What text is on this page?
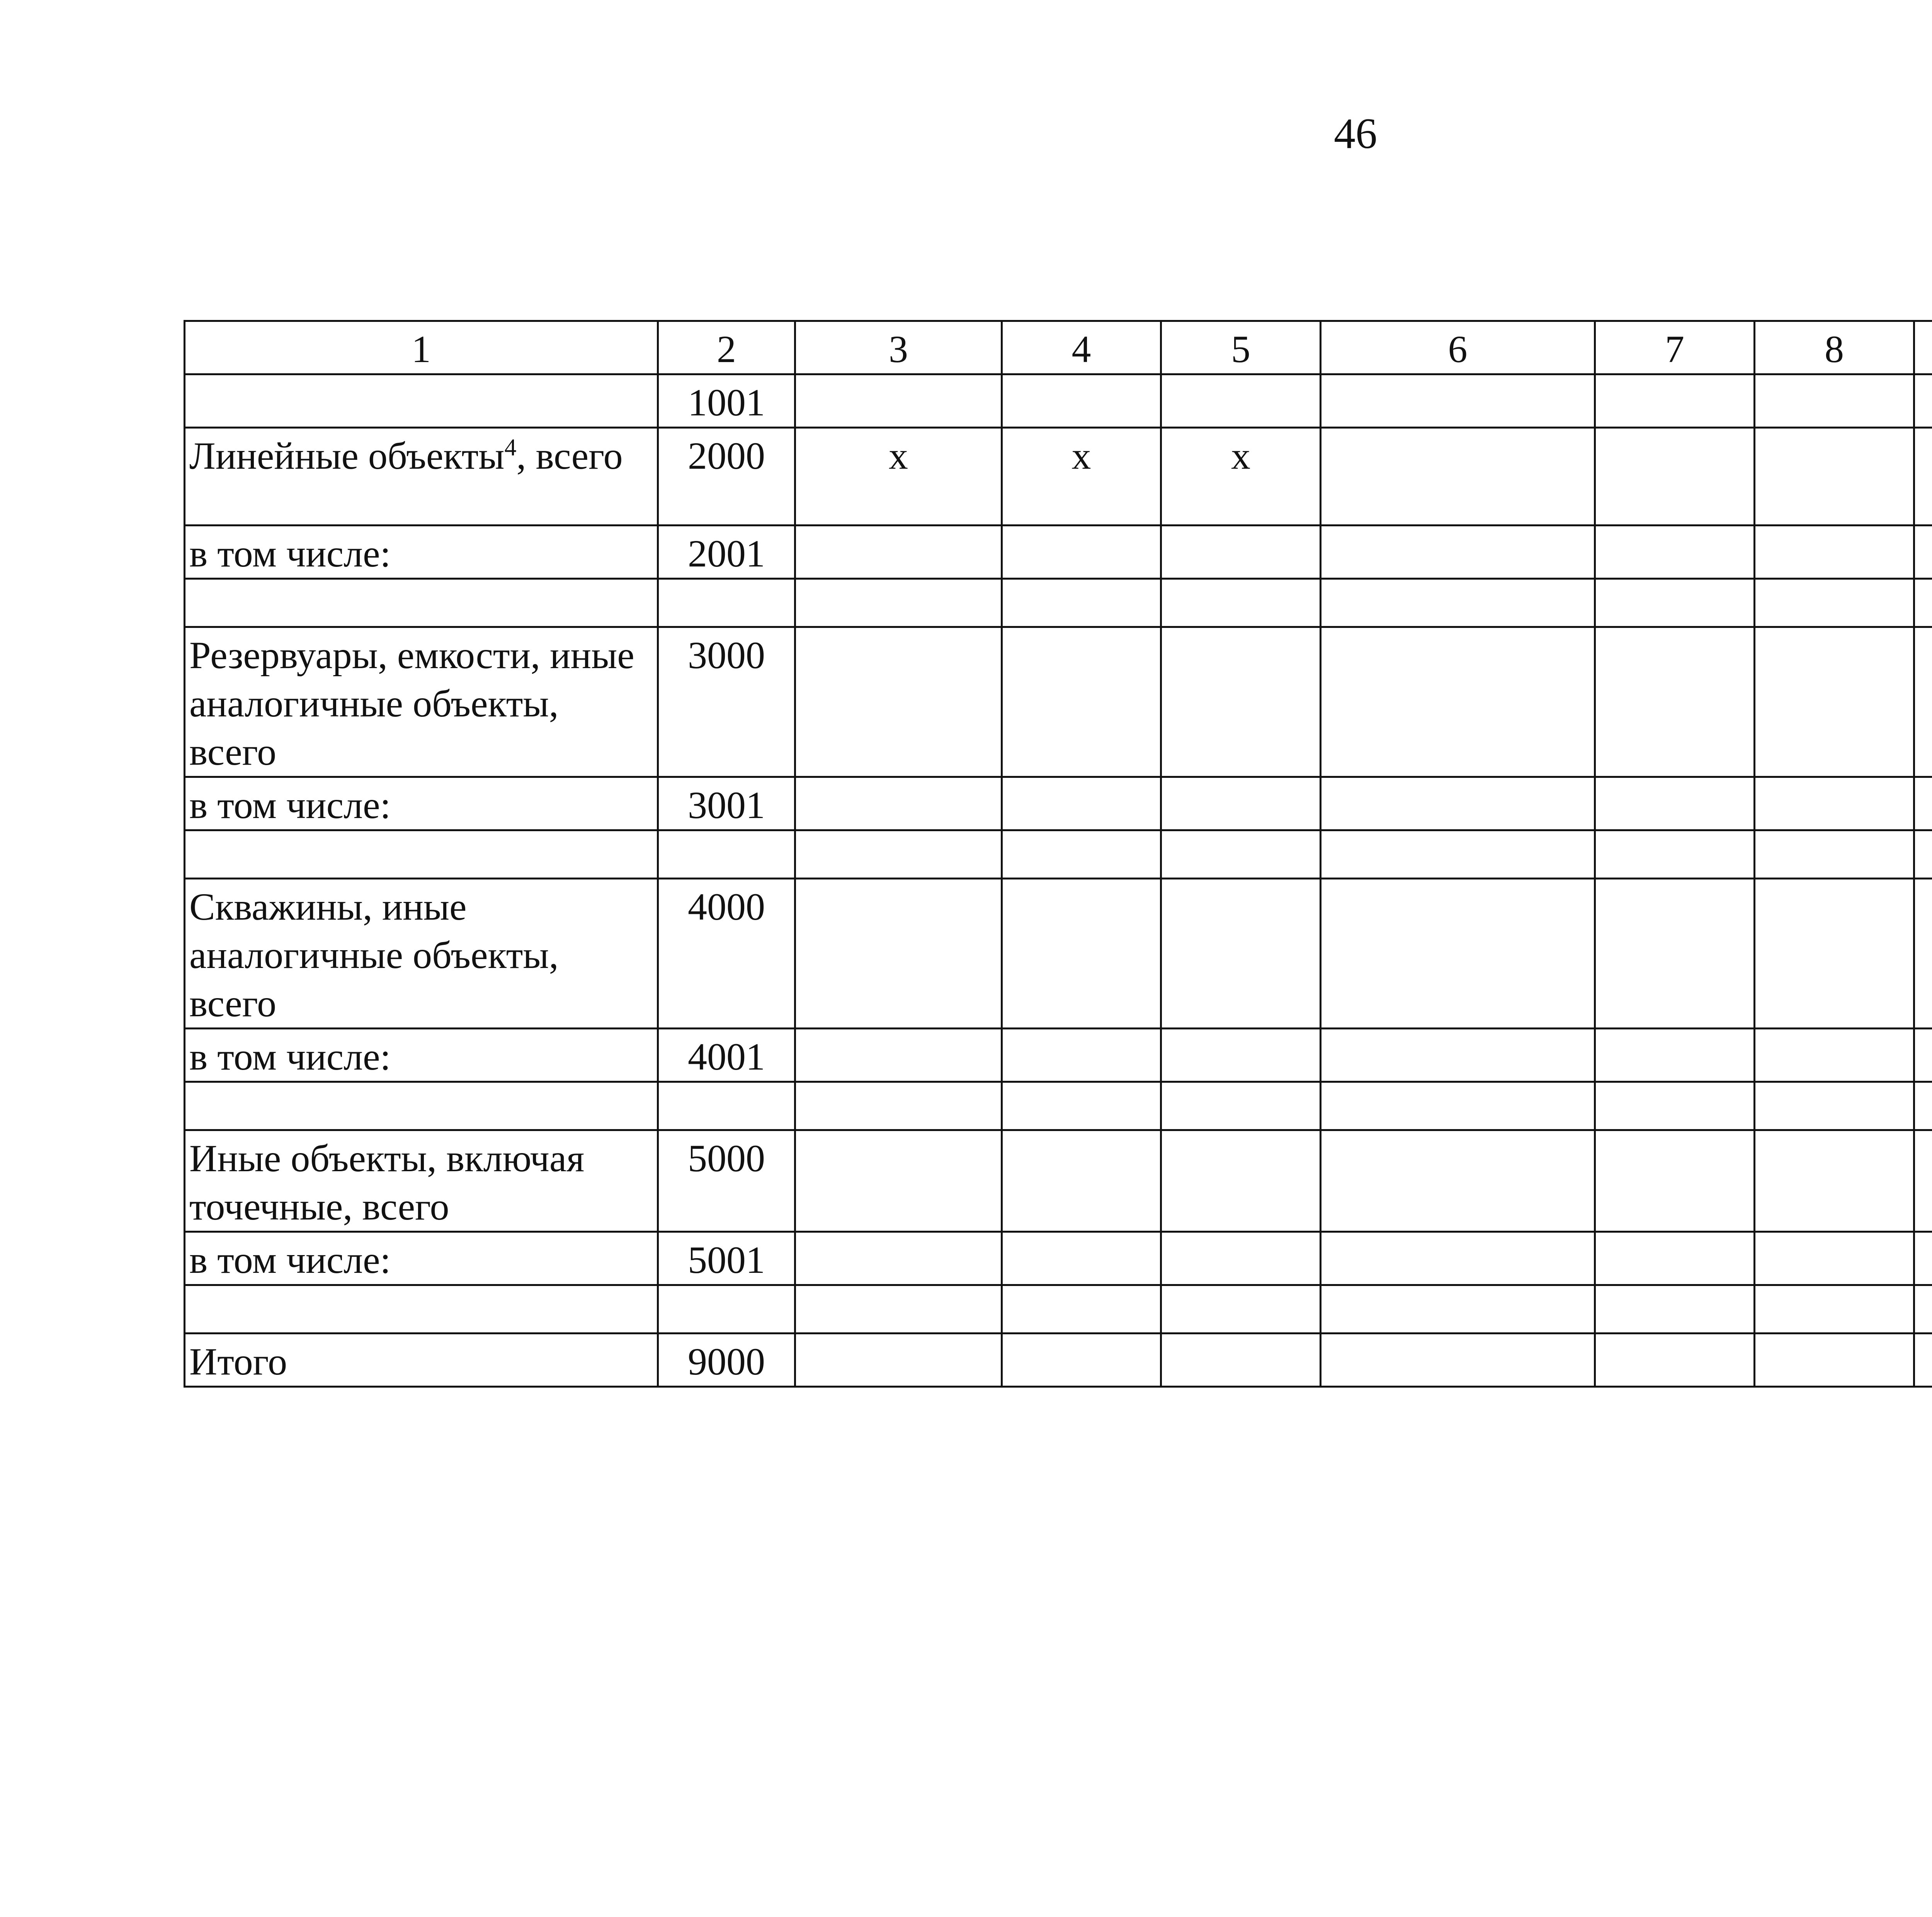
46
1	2	3	4	5	6	7	8			
	1001									
Линейные объекты$^4$, всего	2000	x	x	x						
в том числе:	2001									

Резервуары, емкости, иные аналогичные объекты, всего	3000									
в том числе:	3001									

Скважины, иные аналогичные объекты, всего	4000									
в том числе:	4001									

Иные объекты, включая точечные, всего	5000									
в том числе:	5001									

Итого	9000									
